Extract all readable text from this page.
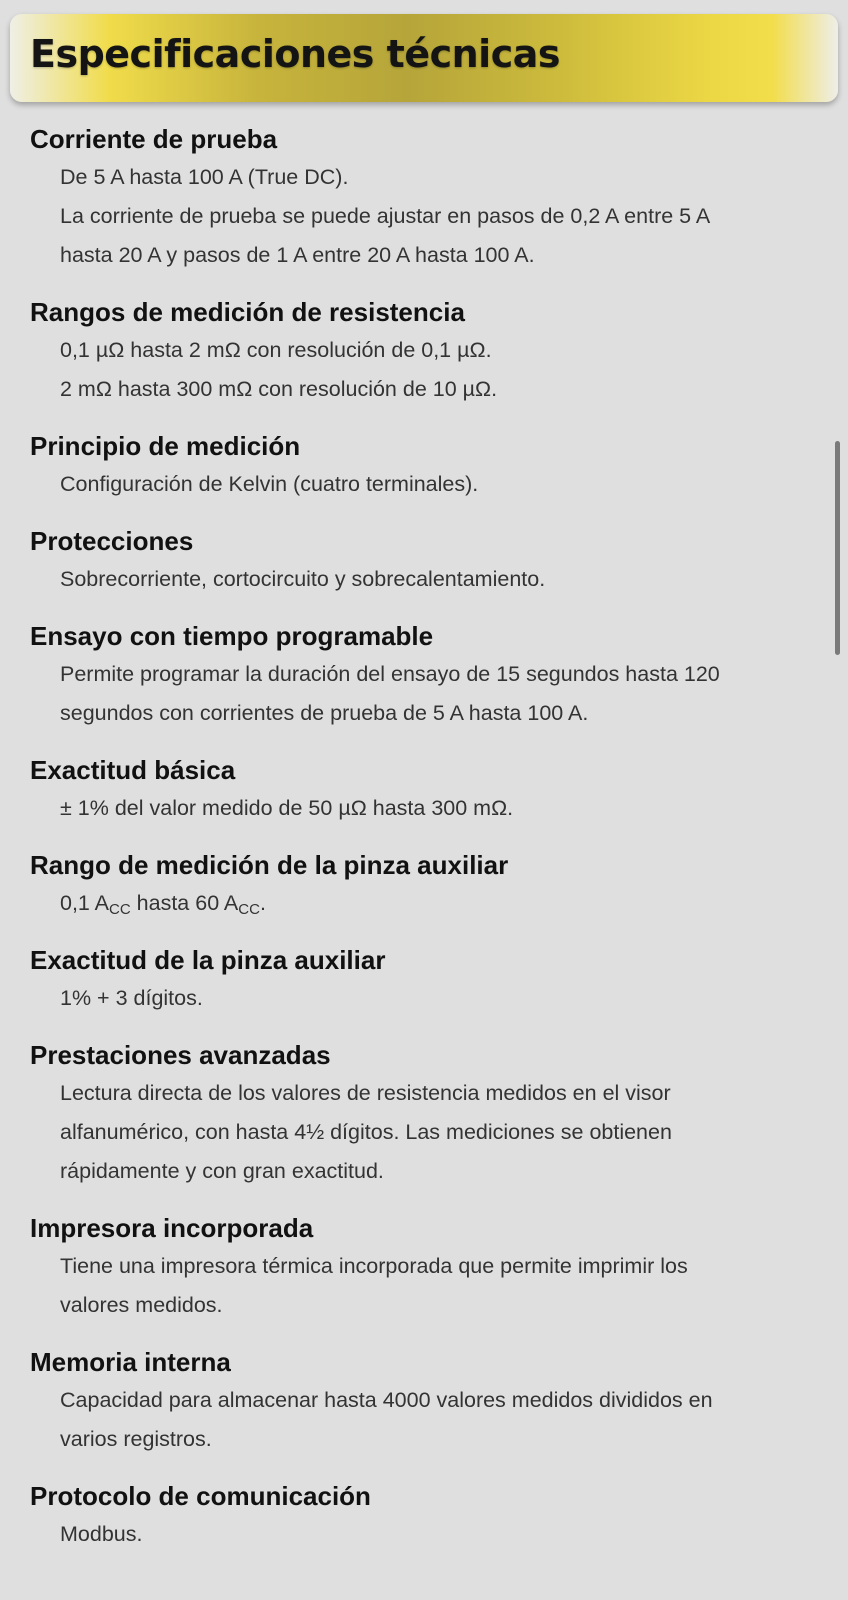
Especificaciones técnicas
Corriente de prueba

De 5 A hasta 100 A (True DC).

La corriente de prueba se puede ajustar en pasos de 0,2 A entre 5 A

hasta 20 A y pasos de 1 A entre 20 A hasta 100 A.

Rangos de medición de resistencia

0,1 µΩ hasta 2 mΩ con resolución de 0,1 µΩ.

2 mΩ hasta 300 mΩ con resolución de 10 µΩ.

Principio de medición

Configuración de Kelvin (cuatro terminales).

Protecciones

Sobrecorriente, cortocircuito y sobrecalentamiento.

Ensayo con tiempo programable

Permite programar la duración del ensayo de 15 segundos hasta 120

segundos con corrientes de prueba de 5 A hasta 100 A.

Exactitud básica

± 1% del valor medido de 50 µΩ hasta 300 mΩ.

Rango de medición de la pinza auxiliar

0,1 $A_{CC}$ hasta 60 $A_{CC}$.

Exactitud de la pinza auxiliar

1% + 3 dígitos.

Prestaciones avanzadas

Lectura directa de los valores de resistencia medidos en el visor

alfanumérico, con hasta 4½ dígitos. Las mediciones se obtienen

rápidamente y con gran exactitud.

Impresora incorporada

Tiene una impresora térmica incorporada que permite imprimir los

valores medidos.

Memoria interna

Capacidad para almacenar hasta 4000 valores medidos divididos en

varios registros.

Protocolo de comunicación

Modbus.
